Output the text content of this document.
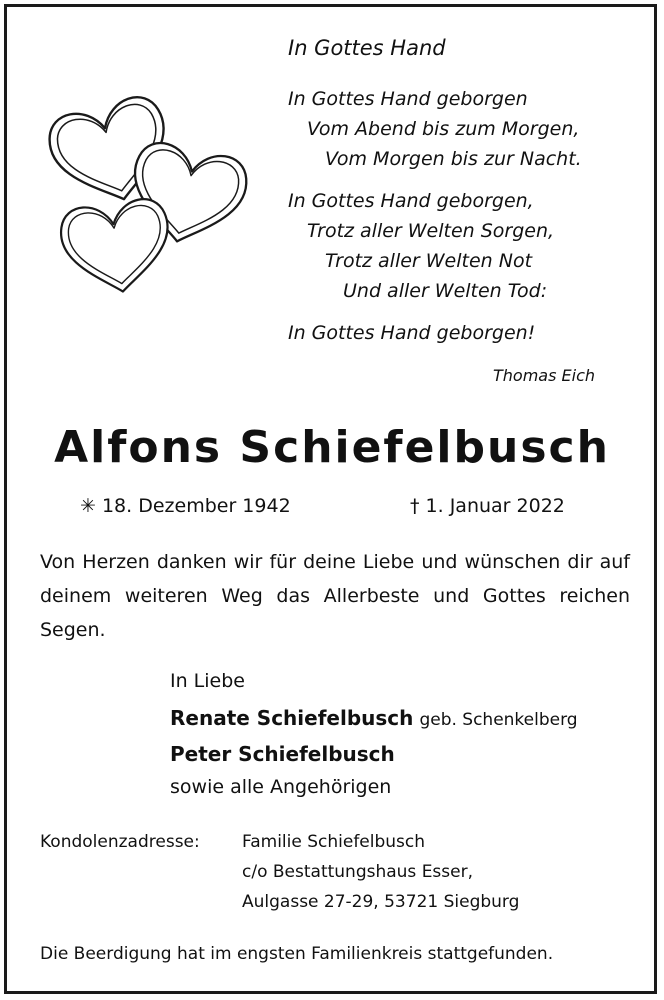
In Gottes Hand
In Gottes Hand geborgen
Vom Abend bis zum Morgen,
Vom Morgen bis zur Nacht.
In Gottes Hand geborgen,
Trotz aller Welten Sorgen,
Trotz aller Welten Not
Und aller Welten Tod:
In Gottes Hand geborgen!
Thomas Eich
Alfons Schiefelbusch
✳ 18. Dezember 1942	† 1. Januar 2022
Von Herzen danken wir für deine Liebe und wünschen dir auf deinem weiteren Weg das Allerbeste und Gottes reichen Segen.
In Liebe
Renate Schiefelbusch geb. Schenkelberg
Peter Schiefelbusch
sowie alle Angehörigen
Kondolenzadresse: Familie Schiefelbusch
c/o Bestattungshaus Esser,
Aulgasse 27-29, 53721 Siegburg
Die Beerdigung hat im engsten Familienkreis stattgefunden.
